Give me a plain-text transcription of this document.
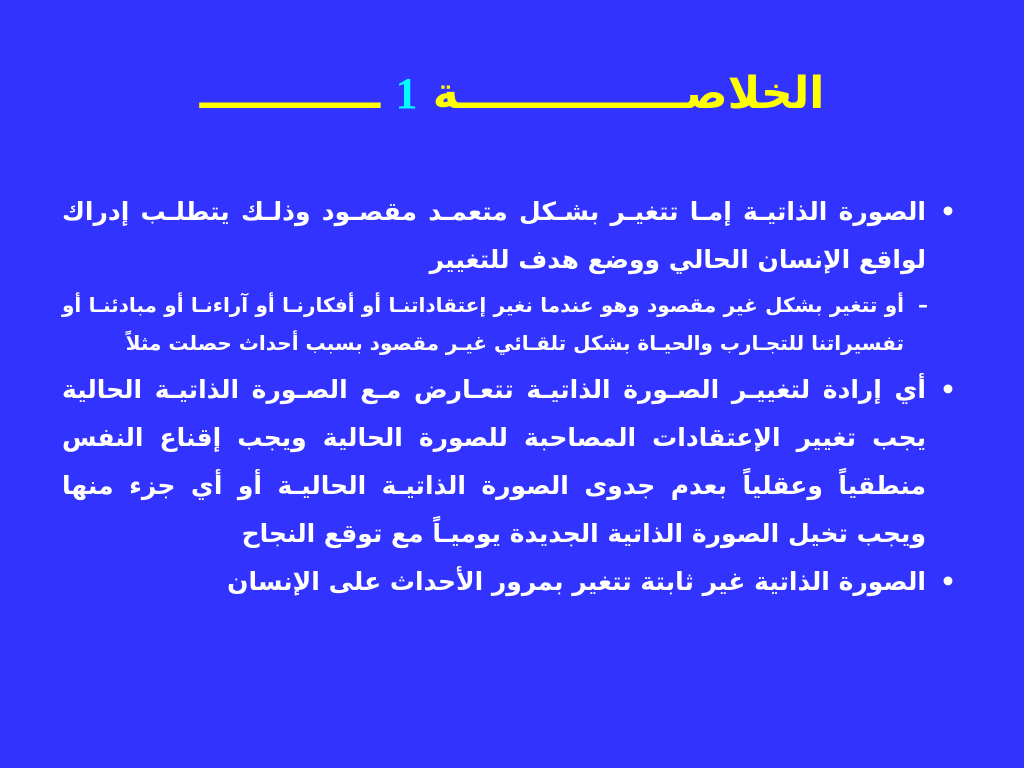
الخلاصـــــــــــــــة 1 ــــــــــــ

•
الصورة الذاتيـة إمـا تتغيـر بشـكل متعمـد مقصـود وذلـك يتطلـب إدراك لواقع الإنسان الحالي ووضع هدف للتغيير

–
أو تتغير بشكل غير مقصود وهو عندما نغير إعتقاداتنـا أو أفكارنـا أو آراءنـا أو مبادئنـا أو تفسيراتنا للتجـارب والحيـاة بشكل تلقـائي غيـر مقصود بسبب أحداث حصلت مثلاً

•
أي إرادة لتغييـر الصـورة الذاتيـة تتعـارض مـع الصـورة الذاتيـة الحالية يجب تغيير الإعتقادات المصاحبة للصورة الحالية ويجب إقناع النفس منطقياً وعقلياً بعدم جدوى الصورة الذاتيـة الحاليـة أو أي جزء منها ويجب تخيل الصورة الذاتية الجديدة يوميـاً مع توقع النجاح

•
الصورة الذاتية غير ثابتة تتغير بمرور الأحداث على الإنسان
